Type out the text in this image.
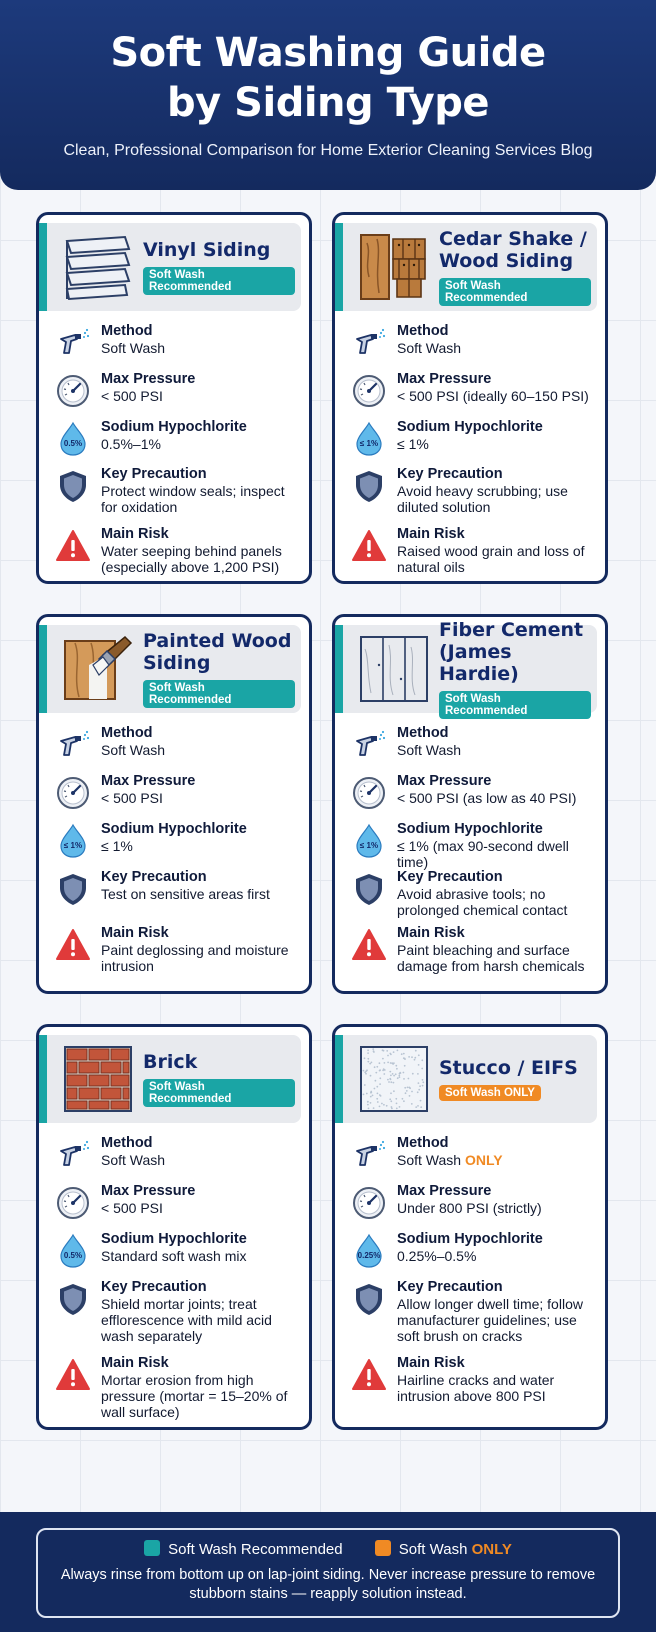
Soft Washing Guide
by Siding Type
Clean, Professional Comparison for Home Exterior Cleaning Services Blog
Vinyl Siding
Soft Wash Recommended
Method
Soft Wash
Max Pressure
< 500 PSI
0.5%
Sodium Hypochlorite
0.5%–1%
Key Precaution
Protect window seals; inspect for oxidation
Main Risk
Water seeping behind panels (especially above 1,200 PSI)
Cedar Shake / Wood Siding
Soft Wash Recommended
Method
Soft Wash
Max Pressure
< 500 PSI (ideally 60–150 PSI)
≤ 1%
Sodium Hypochlorite
≤ 1%
Key Precaution
Avoid heavy scrubbing; use diluted solution
Main Risk
Raised wood grain and loss of natural oils
Painted Wood Siding
Soft Wash Recommended
Method
Soft Wash
Max Pressure
< 500 PSI
≤ 1%
Sodium Hypochlorite
≤ 1%
Key Precaution
Test on sensitive areas first
Main Risk
Paint deglossing and moisture intrusion
Fiber Cement (James Hardie)
Soft Wash Recommended
Method
Soft Wash
Max Pressure
< 500 PSI (as low as 40 PSI)
≤ 1%
Sodium Hypochlorite
≤ 1% (max 90-second dwell time)
Key Precaution
Avoid abrasive tools; no prolonged chemical contact
Main Risk
Paint bleaching and surface damage from harsh chemicals
Brick
Soft Wash Recommended
Method
Soft Wash
Max Pressure
< 500 PSI
0.5%
Sodium Hypochlorite
Standard soft wash mix
Key Precaution
Shield mortar joints; treat efflorescence with mild acid wash separately
Main Risk
Mortar erosion from high pressure (mortar = 15–20% of wall surface)
Stucco / EIFS
Soft Wash ONLY
Method
Soft Wash ONLY
Max Pressure
Under 800 PSI (strictly)
0.25%
Sodium Hypochlorite
0.25%–0.5%
Key Precaution
Allow longer dwell time; follow manufacturer guidelines; use soft brush on cracks
Main Risk
Hairline cracks and water intrusion above 800 PSI
Soft Wash Recommended	Soft Wash ONLY
Always rinse from bottom up on lap-joint siding. Never increase pressure to remove stubborn stains — reapply solution instead.
